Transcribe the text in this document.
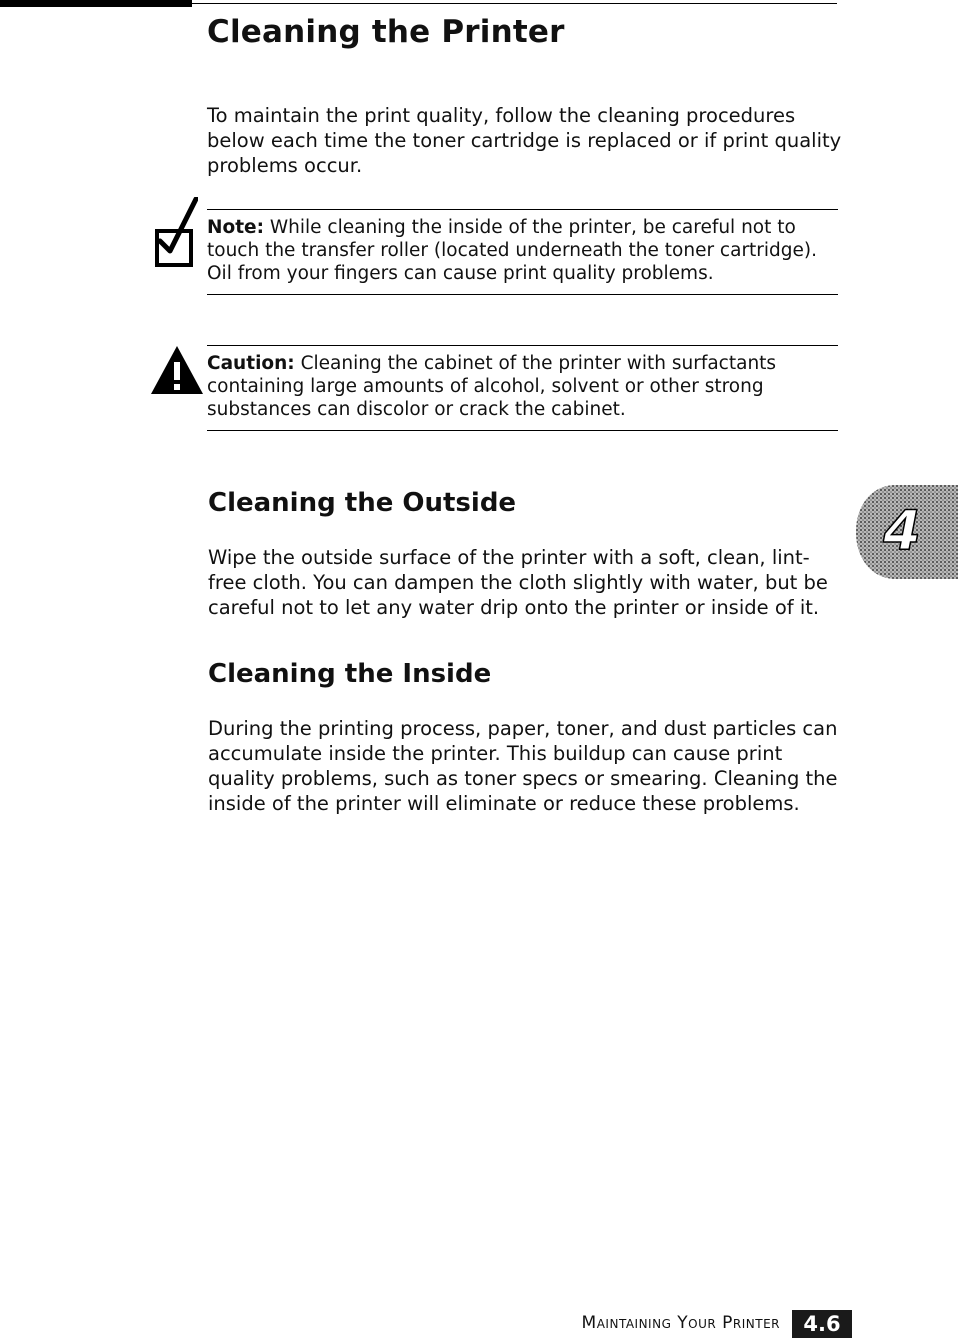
Cleaning the Printer

To maintain the print quality, follow the cleaning procedures below each time the toner cartridge is replaced or if print quality problems occur.

Note: While cleaning the inside of the printer, be careful not to touch the transfer roller (located underneath the toner cartridge). Oil from your fingers can cause print quality problems.
Caution: Cleaning the cabinet of the printer with surfactants containing large amounts of alcohol, solvent or other strong substances can discolor or crack the cabinet.
Cleaning the Outside

Wipe the outside surface of the printer with a soft, clean, lint-free cloth. You can dampen the cloth slightly with water, but be careful not to let any water drip onto the printer or inside of it.

Cleaning the Inside

During the printing process, paper, toner, and dust particles can accumulate inside the printer. This buildup can cause print quality problems, such as toner specs or smearing. Cleaning the inside of the printer will eliminate or reduce these problems.

4
Maintaining Your Printer	4.6
